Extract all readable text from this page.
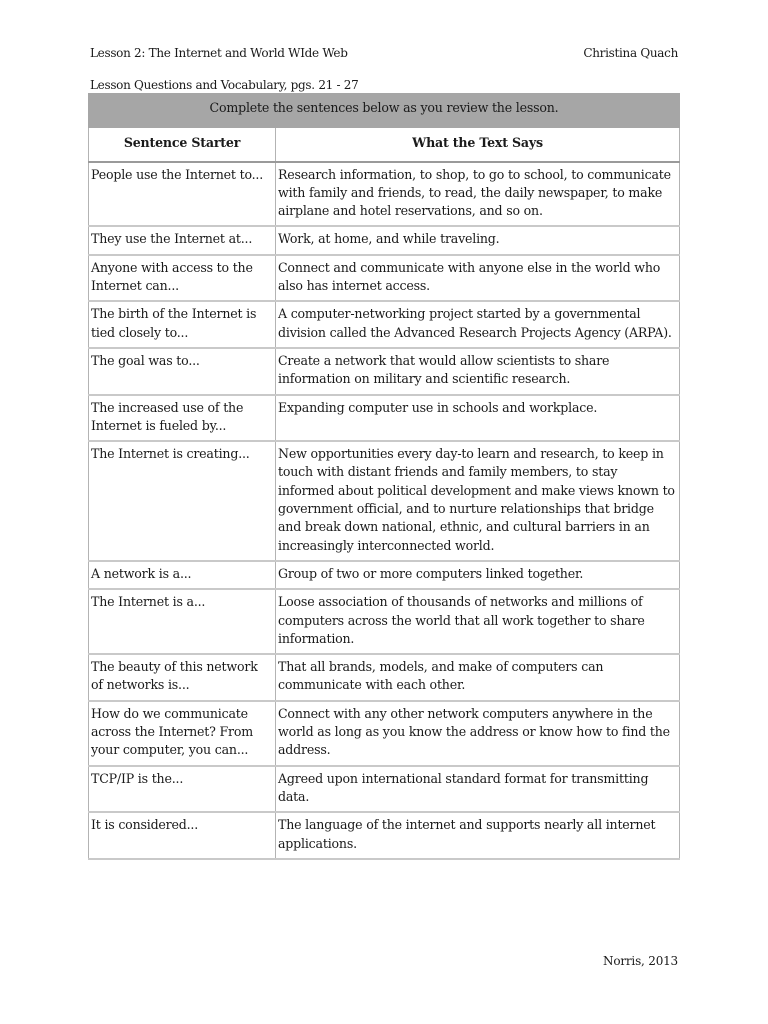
Lesson 2: The Internet and World WIde Web	Christina Quach
Lesson Questions and Vocabulary, pgs. 21 - 27
Complete the sentences below as you review the lesson.	
Sentence Starter	What the Text Says
People use the Internet to...	Research information, to shop, to go to school, to communicate with family and friends, to read, the daily newspaper, to make airplane and hotel reservations, and so on.
They use the Internet at...	Work, at home, and while traveling.
Anyone with access to the Internet can...	Connect and communicate with anyone else in the world who also has internet access.
The birth of the Internet is tied closely to...	A computer-networking project started by a governmental division called the Advanced Research Projects Agency (ARPA).
The goal was to...	Create a network that would allow scientists to share information on military and scientific research.
The increased use of the Internet is fueled by...	Expanding computer use in schools and workplace.
The Internet is creating...	New opportunities every day-to learn and research, to keep in touch with distant friends and family members, to stay informed about political development and make views known to government official, and to nurture relationships that bridge and break down national, ethnic, and cultural barriers in an increasingly interconnected world.
A network is a...	Group of two or more computers linked together.
The Internet is a...	Loose association of thousands of networks and millions of computers across the world that all work together to share information.
The beauty of this network of networks is...	That all brands, models, and make of computers can communicate with each other.
How do we communicate across the Internet? From your computer, you can...	Connect with any other network computers anywhere in the world as long as you know the address or know how to find the address.
TCP/IP is the...	Agreed upon international standard format for transmitting data.
It is considered...	The language of the internet and supports nearly all internet applications.
Norris, 2013
